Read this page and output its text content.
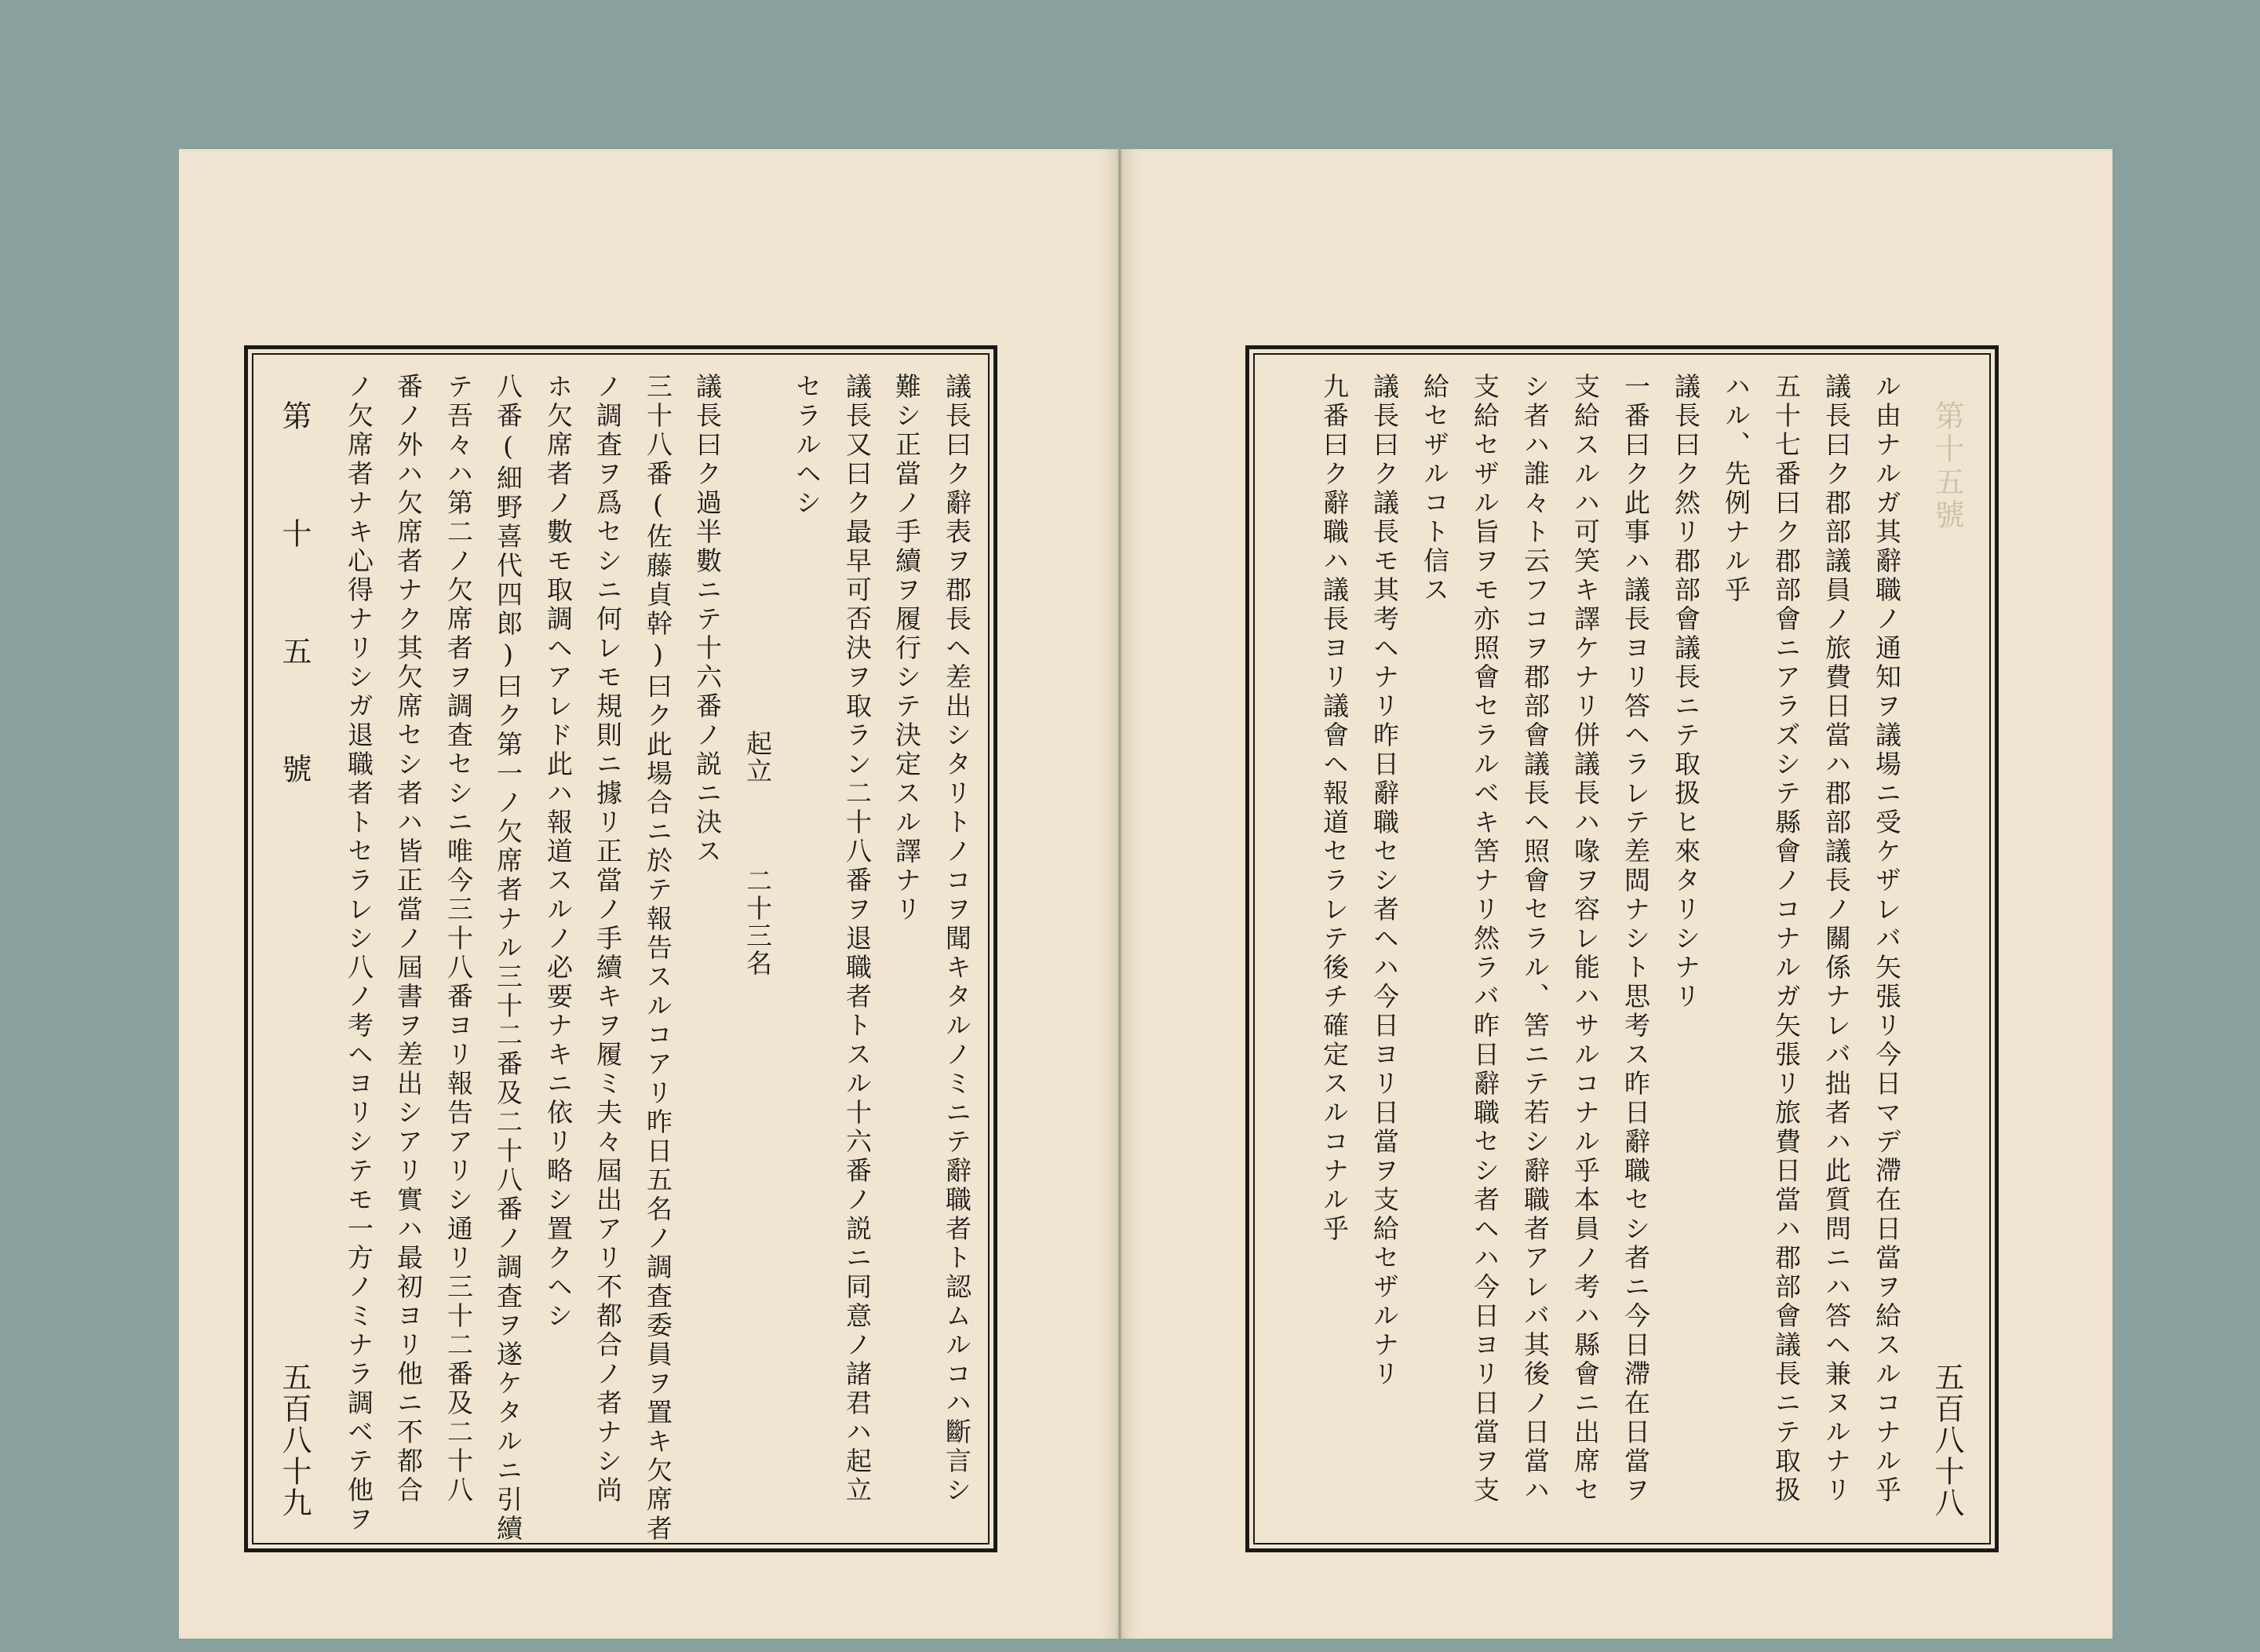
議長曰ク辭表ヲ郡長ヘ差出シタリトノコヲ聞キタルノミニテ辭職者ト認ムルコハ斷言シ
難シ正當ノ手續ヲ履行シテ決定スル譯ナリ
議長又曰ク最早可否決ヲ取ラン二十八番ヲ退職者トスル十六番ノ説ニ同意ノ諸君ハ起立
セラルヘシ
　　　　　　　　　　　　　起立　　　二十三名
議長曰ク過半數ニテ十六番ノ説ニ決ス
三十八番(佐藤貞幹)曰ク此場合ニ於テ報告スルコアリ昨日五名ノ調査委員ヲ置キ欠席者
ノ調査ヲ爲セシニ何レモ規則ニ據リ正當ノ手續キヲ履ミ夫々屆出アリ不都合ノ者ナシ尚
ホ欠席者ノ數モ取調ヘアレド此ハ報道スルノ必要ナキニ依リ略シ置クヘシ
八番(細野喜代四郎)曰ク第一ノ欠席者ナル三十二番及二十八番ノ調査ヲ遂ケタルニ引續
テ吾々ハ第二ノ欠席者ヲ調査セシニ唯今三十八番ヨリ報告アリシ通リ三十二番及二十八
番ノ外ハ欠席者ナク其欠席セシ者ハ皆正當ノ屆書ヲ差出シアリ實ハ最初ヨリ他ニ不都合
ノ欠席者ナキ心得ナリシガ退職者トセラレシ八ノ考ヘヨリシテモ一方ノミナラ調ベテ他ヲ
第 十 五 號
五百八十九	五百八十八
第十五號
ル由ナルガ其辭職ノ通知ヲ議場ニ受ケザレバ矢張リ今日マデ滯在日當ヲ給スルコナル乎
議長曰ク郡部議員ノ旅費日當ハ郡部議長ノ關係ナレバ拙者ハ此質問ニハ答ヘ兼ヌルナリ
五十七番曰ク郡部會ニアラズシテ縣會ノコナルガ矢張リ旅費日當ハ郡部會議長ニテ取扱
ハル、先例ナル乎
議長曰ク然リ郡部會議長ニテ取扱ヒ來タリシナリ
一番曰ク此事ハ議長ヨリ答ヘラレテ差閊ナシト思考ス昨日辭職セシ者ニ今日滯在日當ヲ
支給スルハ可笑キ譯ケナリ併議長ハ喙ヲ容レ能ハサルコナル乎本員ノ考ハ縣會ニ出席セ
シ者ハ誰々ト云フコヲ郡部會議長ヘ照會セラル、筈ニテ若シ辭職者アレバ其後ノ日當ハ
支給セザル旨ヲモ亦照會セラルベキ筈ナリ然ラバ昨日辭職セシ者ヘハ今日ヨリ日當ヲ支
給セザルコト信ス
議長曰ク議長モ其考ヘナリ昨日辭職セシ者ヘハ今日ヨリ日當ヲ支給セザルナリ
九番曰ク辭職ハ議長ヨリ議會ヘ報道セラレテ後チ確定スルコナル乎
